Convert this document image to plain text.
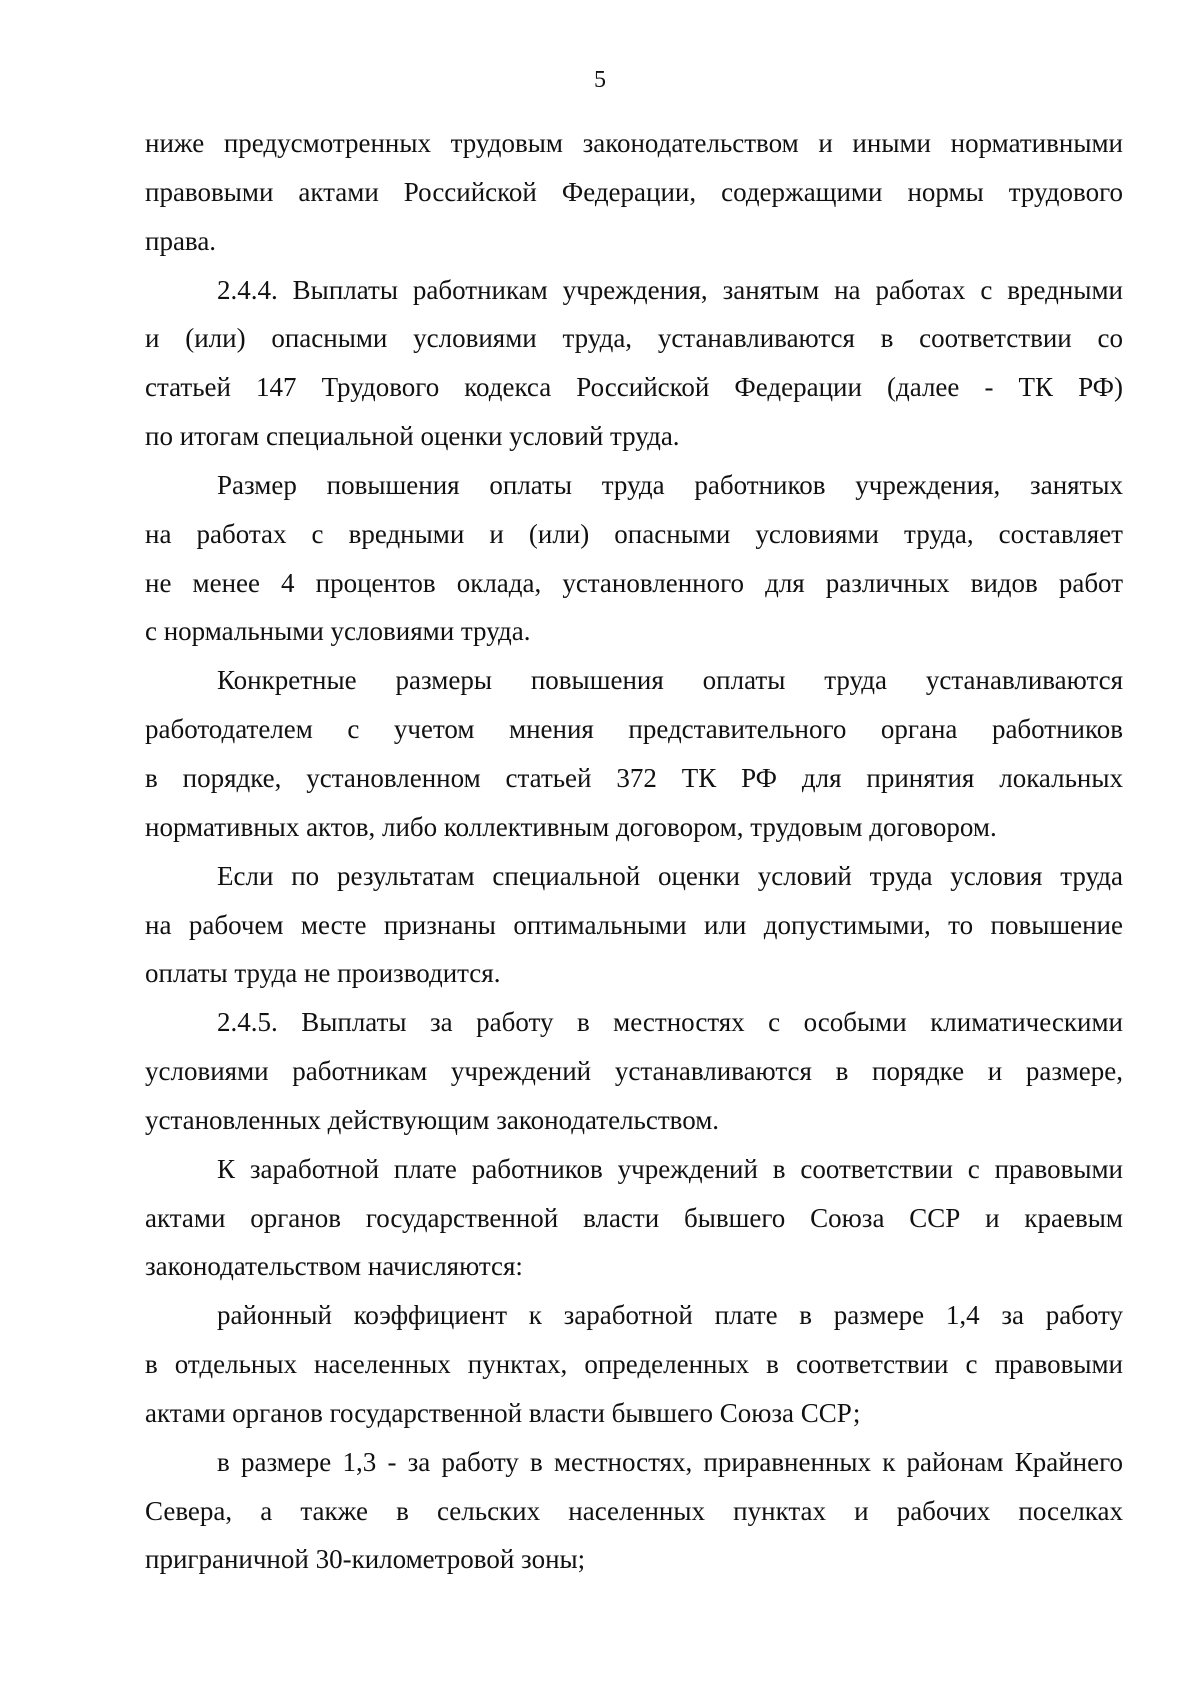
5
ниже предусмотренных трудовым законодательством и иными нормативными
правовыми актами Российской Федерации, содержащими нормы трудового
права.
2.4.4. Выплаты работникам учреждения, занятым на работах с вредными
и (или) опасными условиями труда, устанавливаются в соответствии со
статьей 147 Трудового кодекса Российской Федерации (далее - ТК РФ)
по итогам специальной оценки условий труда.
Размер повышения оплаты труда работников учреждения, занятых
на работах с вредными и (или) опасными условиями труда, составляет
не менее 4 процентов оклада, установленного для различных видов работ
с нормальными условиями труда.
Конкретные размеры повышения оплаты труда устанавливаются
работодателем с учетом мнения представительного органа работников
в порядке, установленном статьей 372 ТК РФ для принятия локальных
нормативных актов, либо коллективным договором, трудовым договором.
Если по результатам специальной оценки условий труда условия труда
на рабочем месте признаны оптимальными или допустимыми, то повышение
оплаты труда не производится.
2.4.5. Выплаты за работу в местностях с особыми климатическими
условиями работникам учреждений устанавливаются в порядке и размере,
установленных действующим законодательством.
К заработной плате работников учреждений в соответствии с правовыми
актами органов государственной власти бывшего Союза ССР и краевым
законодательством начисляются:
районный коэффициент к заработной плате в размере 1,4 за работу
в отдельных населенных пунктах, определенных в соответствии с правовыми
актами органов государственной власти бывшего Союза ССР;
в размере 1,3 - за работу в местностях, приравненных к районам Крайнего
Севера, а также в сельских населенных пунктах и рабочих поселках
приграничной 30-километровой зоны;
